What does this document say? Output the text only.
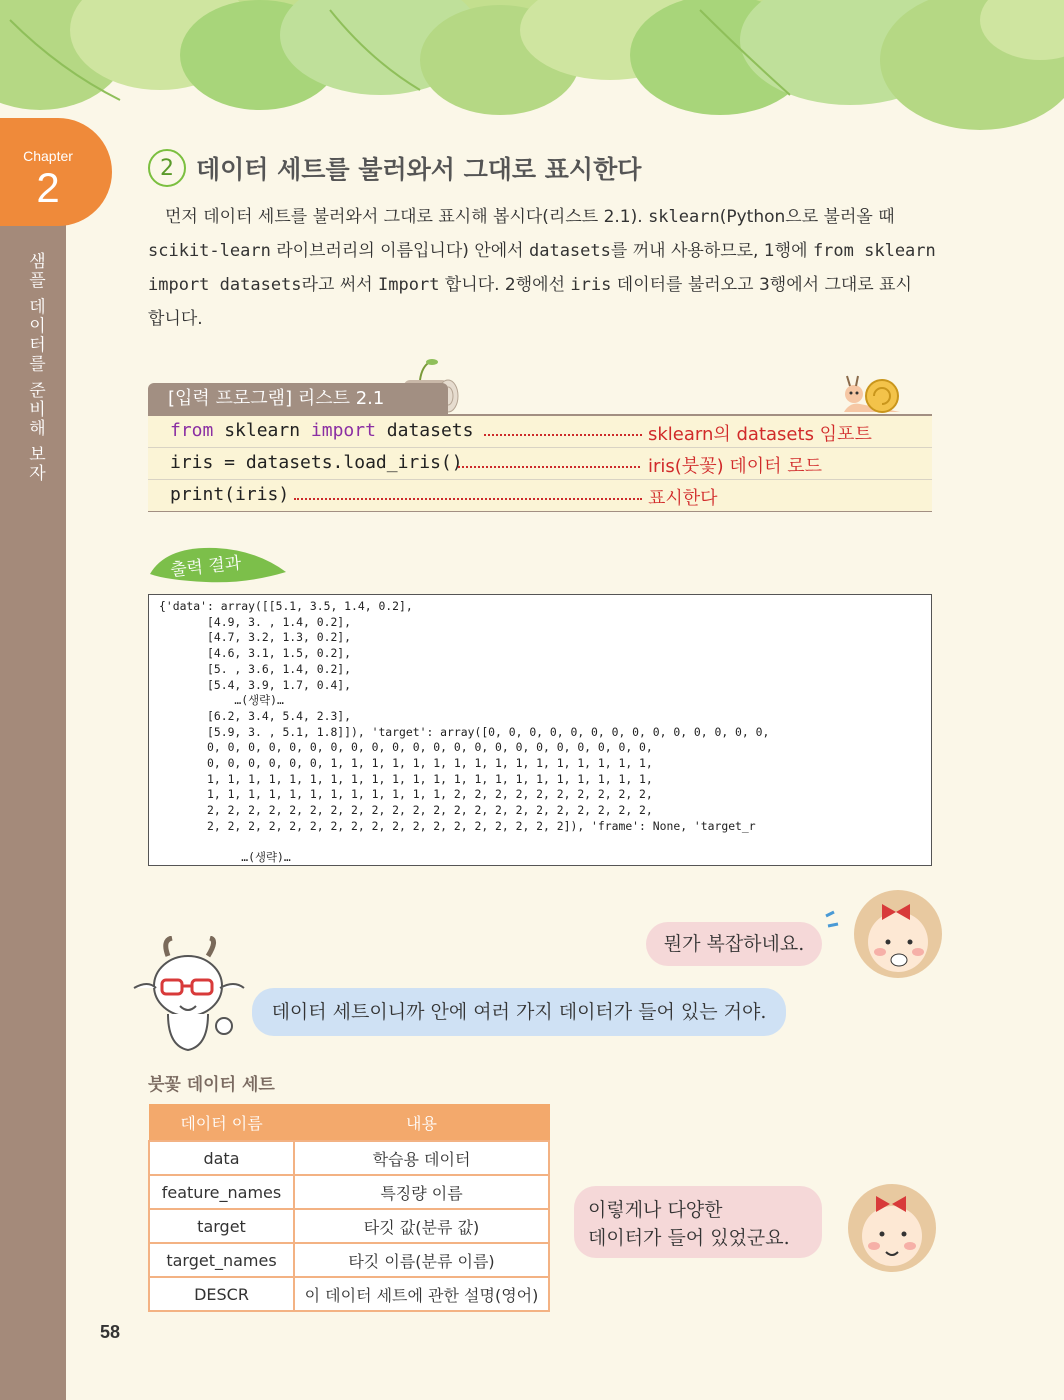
Chapter
2
샘플 데이터를 준비해 보자
2 데이터 세트를 불러와서 그대로 표시한다
　먼저 데이터 세트를 불러와서 그대로 표시해 봅시다(리스트 2.1). sklearn(Python으로 불러올 때
scikit-learn 라이브러리의 이름입니다) 안에서 datasets를 꺼내 사용하므로, 1행에 from sklearn
import datasets라고 써서 Import 합니다. 2행에선 iris 데이터를 불러오고 3행에서 그대로 표시
합니다.
[입력 프로그램] 리스트 2.1
from sklearn import datasets	sklearn의 datasets 임포트
iris = datasets.load_iris()	iris(붓꽃) 데이터 로드
print(iris)	표시한다
출력 결과
{'data': array([[5.1, 3.5, 1.4, 0.2],
[4.9, 3. , 1.4, 0.2],
[4.7, 3.2, 1.3, 0.2],
[4.6, 3.1, 1.5, 0.2],
[5. , 3.6, 1.4, 0.2],
[5.4, 3.9, 1.7, 0.4],
…(생략)…
[6.2, 3.4, 5.4, 2.3],
[5.9, 3. , 5.1, 1.8]]), 'target': array([0, 0, 0, 0, 0, 0, 0, 0, 0, 0, 0, 0, 0, 0,
0, 0, 0, 0, 0, 0, 0, 0, 0, 0, 0, 0, 0, 0, 0, 0, 0, 0, 0, 0, 0, 0,
0, 0, 0, 0, 0, 0, 1, 1, 1, 1, 1, 1, 1, 1, 1, 1, 1, 1, 1, 1, 1, 1,
1, 1, 1, 1, 1, 1, 1, 1, 1, 1, 1, 1, 1, 1, 1, 1, 1, 1, 1, 1, 1, 1,
1, 1, 1, 1, 1, 1, 1, 1, 1, 1, 1, 1, 2, 2, 2, 2, 2, 2, 2, 2, 2, 2,
2, 2, 2, 2, 2, 2, 2, 2, 2, 2, 2, 2, 2, 2, 2, 2, 2, 2, 2, 2, 2, 2,
2, 2, 2, 2, 2, 2, 2, 2, 2, 2, 2, 2, 2, 2, 2, 2, 2, 2]), 'frame': None, 'target_r

…(생략)…
뭔가 복잡하네요.
데이터 세트이니까 안에 여러 가지 데이터가 들어 있는 거야.
이렇게나 다양한
데이터가 들어 있었군요.
붓꽃 데이터 세트
데이터 이름	내용
data	학습용 데이터
feature_names	특징량 이름
target	타깃 값(분류 값)
target_names	타깃 이름(분류 이름)
DESCR	이 데이터 세트에 관한 설명(영어)
58
